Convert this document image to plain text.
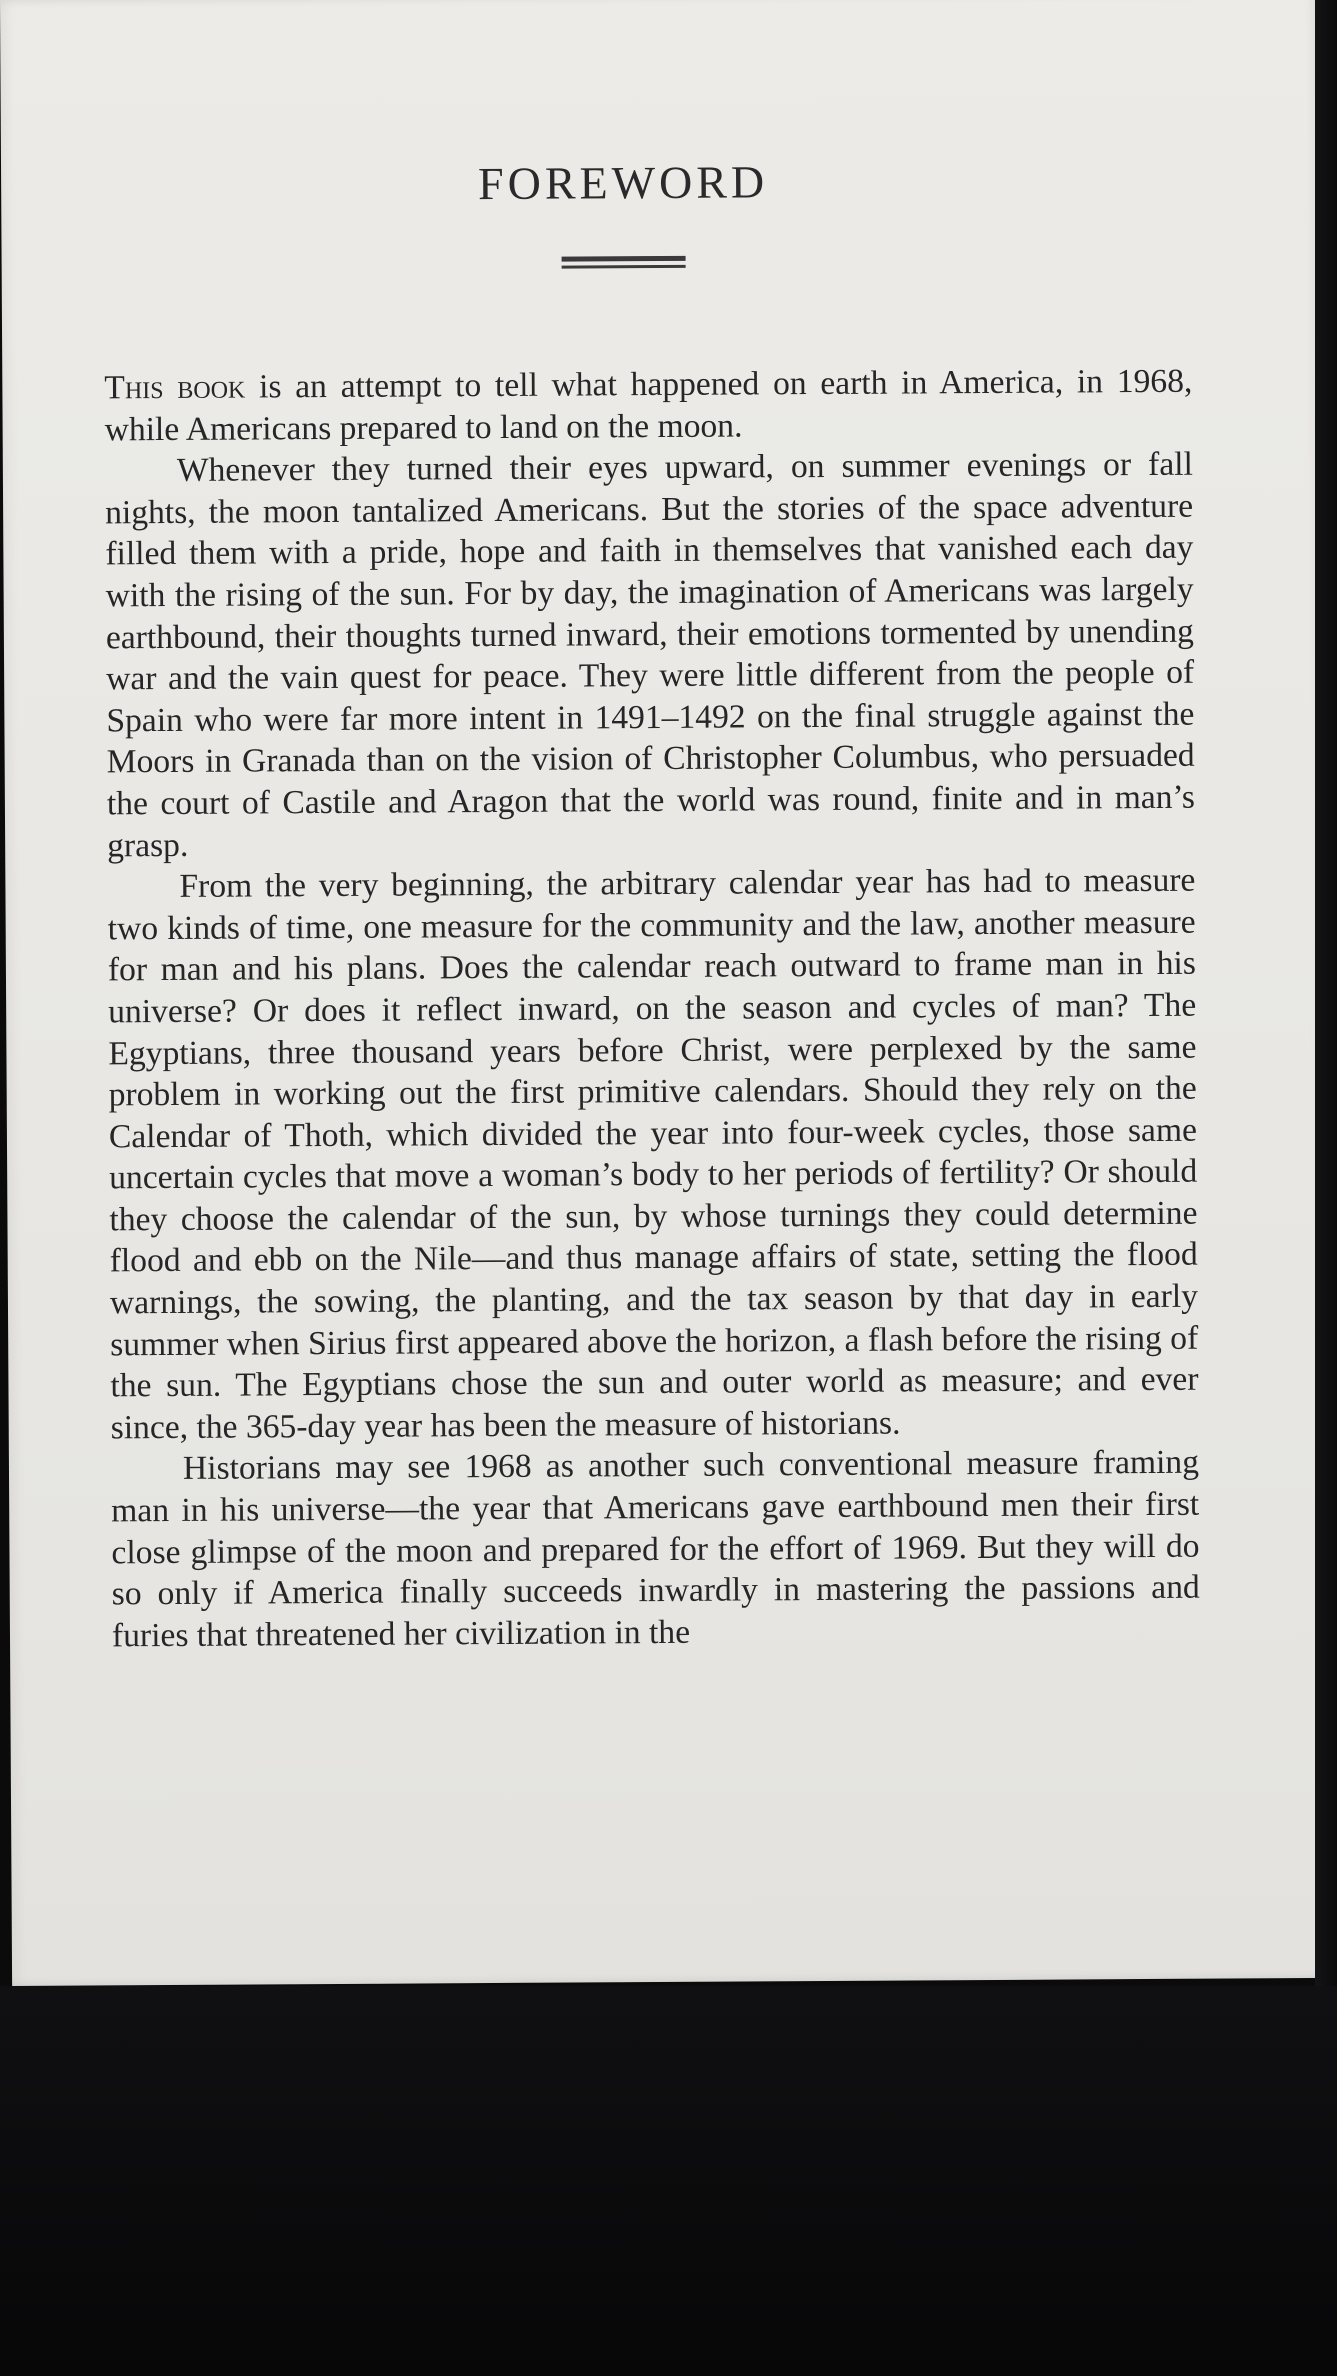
FOREWORD

This book is an attempt to tell what happened on earth in America, in 1968, while Americans prepared to land on the moon.

Whenever they turned their eyes upward, on summer evenings or fall nights, the moon tantalized Americans. But the stories of the space adventure filled them with a pride, hope and faith in themselves that vanished each day with the rising of the sun. For by day, the imagination of Americans was largely earthbound, their thoughts turned inward, their emotions tormented by unending war and the vain quest for peace. They were little different from the people of Spain who were far more intent in 1491–1492 on the final struggle against the Moors in Granada than on the vision of Christopher Columbus, who persuaded the court of Castile and Aragon that the world was round, finite and in man’s grasp.

From the very beginning, the arbitrary calendar year has had to measure two kinds of time, one measure for the community and the law, another measure for man and his plans. Does the calendar reach outward to frame man in his universe? Or does it reflect inward, on the season and cycles of man? The Egyptians, three thousand years before Christ, were perplexed by the same problem in working out the first primitive calendars. Should they rely on the Calendar of Thoth, which divided the year into four-week cycles, those same uncertain cycles that move a woman’s body to her periods of fertility? Or should they choose the calendar of the sun, by whose turnings they could determine flood and ebb on the Nile—and thus manage affairs of state, setting the flood warnings, the sowing, the planting, and the tax season by that day in early summer when Sirius first appeared above the horizon, a flash before the rising of the sun. The Egyptians chose the sun and outer world as measure; and ever since, the 365-day year has been the measure of historians.

Historians may see 1968 as another such conventional measure framing man in his universe—the year that Americans gave earthbound men their first close glimpse of the moon and prepared for the effort of 1969. But they will do so only if America finally succeeds inwardly in mastering the passions and furies that threatened her civilization in the
